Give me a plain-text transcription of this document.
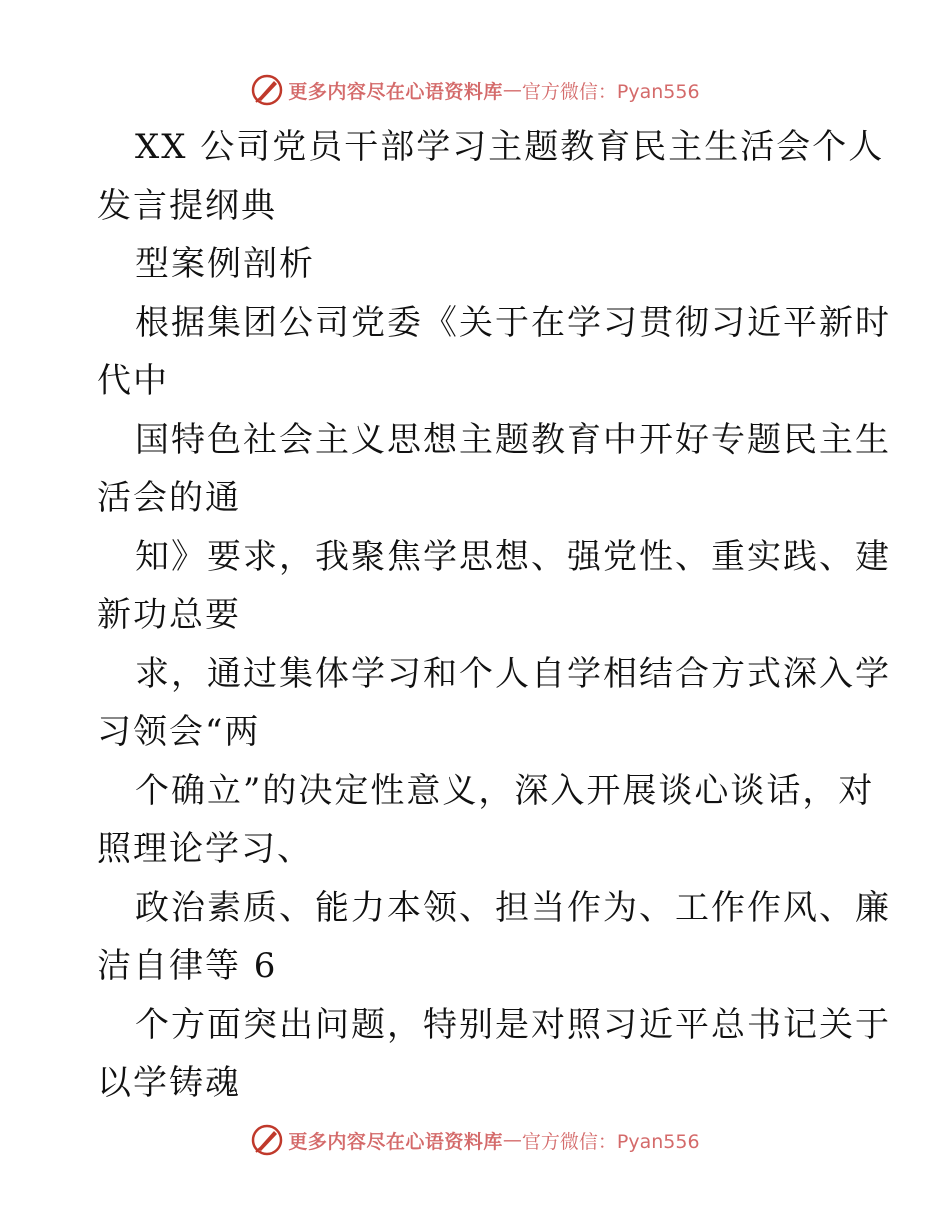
更多内容尽在心语资料库 — 官方微信：Pyan556
XX 公司党员干部学习主题教育民主生活会个人
发言提纲典
型案例剖析
根据集团公司党委《关于在学习贯彻习近平新时
代中
国特色社会主义思想主题教育中开好专题民主生
活会的通
知》要求，我聚焦学思想、强党性、重实践、建
新功总要
求，通过集体学习和个人自学相结合方式深入学
习领会“两
个确立”的决定性意义，深入开展谈心谈话，对
照理论学习、
政治素质、能力本领、担当作为、工作作风、廉
洁自律等 6
个方面突出问题，特别是对照习近平总书记关于
以学铸魂
更多内容尽在心语资料库 — 官方微信：Pyan556
